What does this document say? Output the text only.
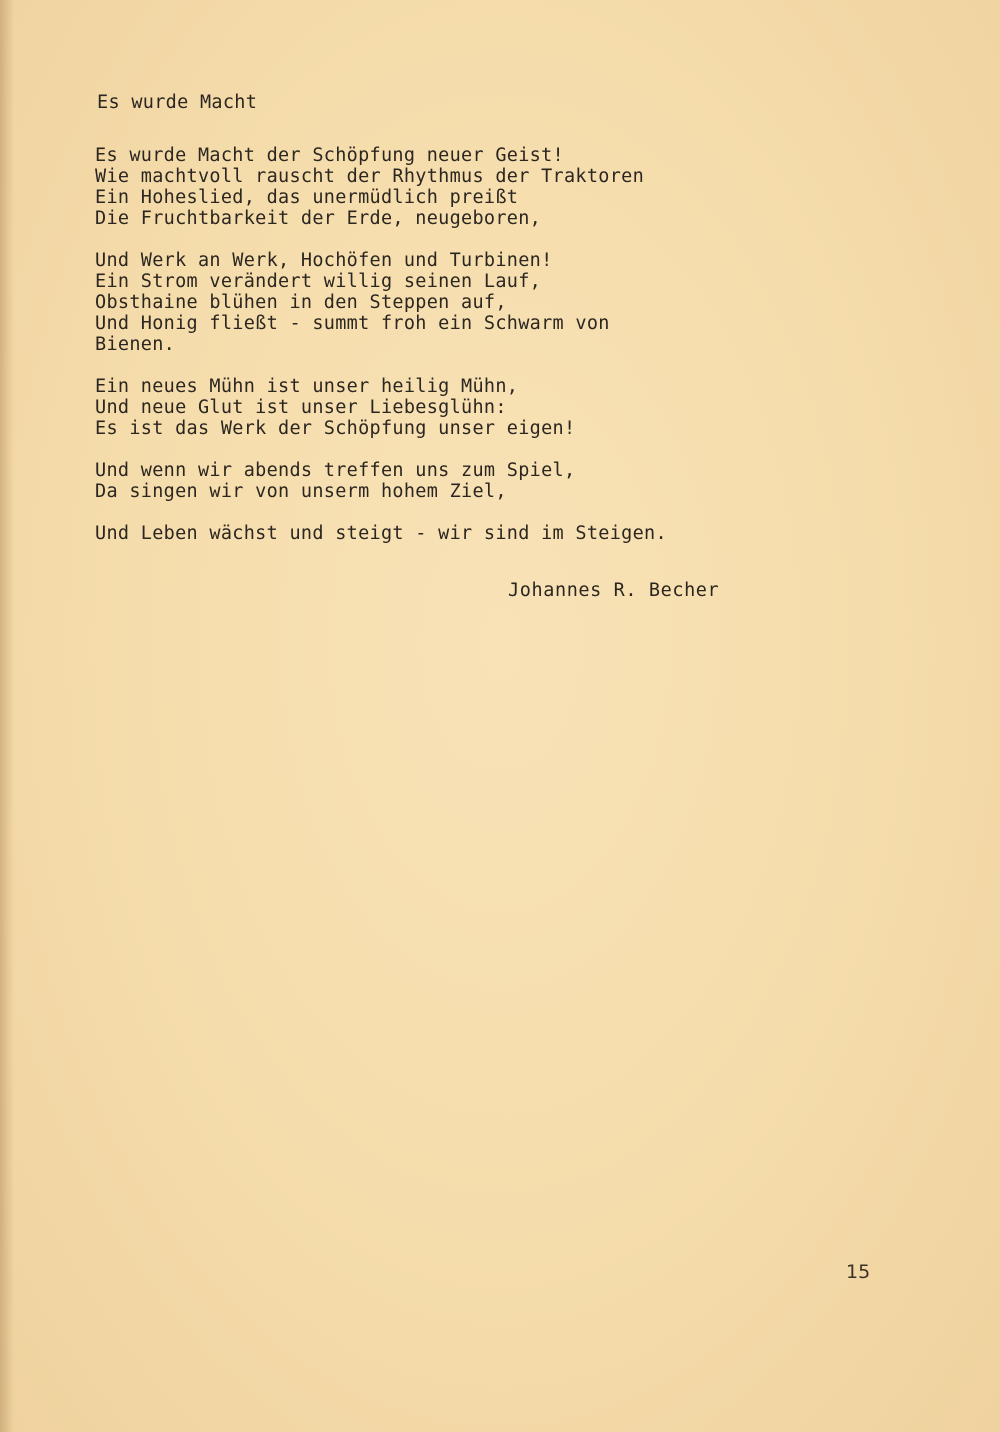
Es wurde Macht
Es wurde Macht der Schöpfung neuer Geist!
Wie machtvoll rauscht der Rhythmus der Traktoren
Ein Hoheslied, das unermüdlich preißt
Die Fruchtbarkeit der Erde, neugeboren,
Und Werk an Werk, Hochöfen und Turbinen!
Ein Strom verändert willig seinen Lauf,
Obsthaine blühen in den Steppen auf,
Und Honig fließt - summt froh ein Schwarm von
Bienen.
Ein neues Mühn ist unser heilig Mühn,
Und neue Glut ist unser Liebesglühn:
Es ist das Werk der Schöpfung unser eigen!
Und wenn wir abends treffen uns zum Spiel,
Da singen wir von unserm hohem Ziel,
Und Leben wächst und steigt - wir sind im Steigen.
Johannes R. Becher
15
